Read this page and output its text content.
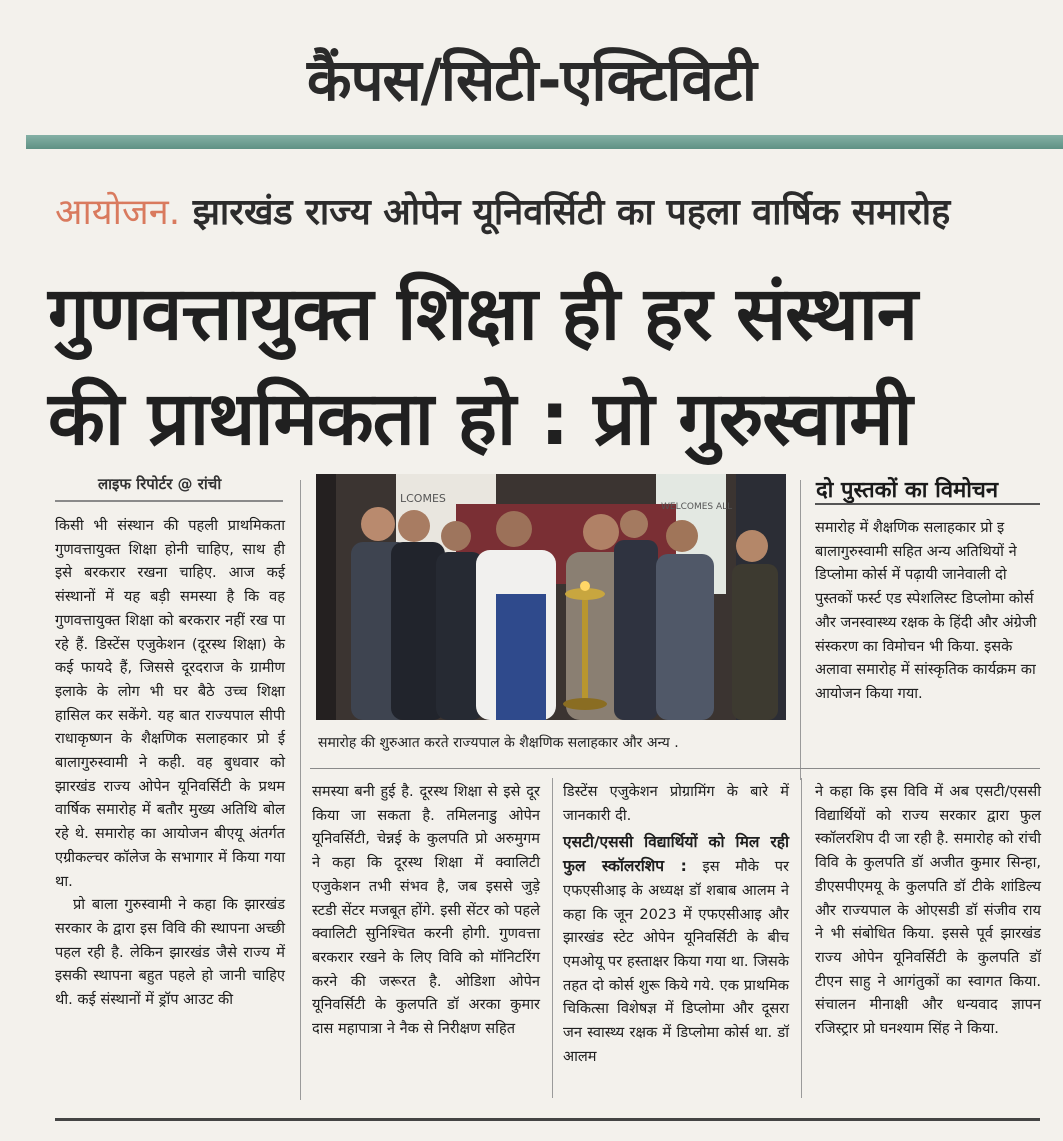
कैंपस/सिटी-एक्टिविटी
आयोजन. झारखंड राज्य ओपेन यूनिवर्सिटी का पहला वार्षिक समारोह
गुणवत्तायुक्त शिक्षा ही हर संस्थान
की प्राथमिकता हो : प्रो गुरुस्वामी
लाइफ रिपोर्टर @ रांची

किसी भी संस्थान की पहली प्राथमिकता गुणवत्तायुक्त शिक्षा होनी चाहिए, साथ ही इसे बरकरार रखना चाहिए. आज कई संस्थानों में यह बड़ी समस्या है कि वह गुणवत्तायुक्त शिक्षा को बरकरार नहीं रख पा रहे हैं. डिस्टेंस एजुकेशन (दूरस्थ शिक्षा) के कई फायदे हैं, जिससे दूरदराज के ग्रामीण इलाके के लोग भी घर बैठे उच्च शिक्षा हासिल कर सकेंगे. यह बात राज्यपाल सीपी राधाकृष्णन के शैक्षणिक सलाहकार प्रो ई बालागुरुस्वामी ने कही. वह बुधवार को झारखंड राज्य ओपेन यूनिवर्सिटी के प्रथम वार्षिक समारोह में बतौर मुख्य अतिथि बोल रहे थे. समारोह का आयोजन बीएयू अंतर्गत एग्रीकल्चर कॉलेज के सभागार में किया गया था.

प्रो बाला गुरुस्वामी ने कहा कि झारखंड सरकार के द्वारा इस विवि की स्थापना अच्छी पहल रही है. लेकिन झारखंड जैसे राज्य में इसकी स्थापना बहुत पहले हो जानी चाहिए थी. कई संस्थानों में ड्रॉप आउट की

LCOMES
WELCOMES ALL
समारोह की शुरुआत करते राज्यपाल के शैक्षणिक सलाहकार और अन्य .
दो पुस्तकों का विमोचन

समारोह में शैक्षणिक सलाहकार प्रो इ बालागुरुस्वामी सहित अन्य अतिथियों ने डिप्लोमा कोर्स में पढ़ायी जानेवाली दो पुस्तकों फर्स्ट एड स्पेशलिस्ट डिप्लोमा कोर्स और जनस्वास्थ्य रक्षक के हिंदी और अंग्रेजी संस्करण का विमोचन भी किया. इसके अलावा समारोह में सांस्कृतिक कार्यक्रम का आयोजन किया गया.

समस्या बनी हुई है. दूरस्थ शिक्षा से इसे दूर किया जा सकता है. तमिलनाडु ओपेन यूनिवर्सिटी, चेन्नई के कुलपति प्रो अरुमुगम ने कहा कि दूरस्थ शिक्षा में क्वालिटी एजुकेशन तभी संभव है, जब इससे जुड़े स्टडी सेंटर मजबूत होंगे. इसी सेंटर को पहले क्वालिटी सुनिश्चित करनी होगी. गुणवत्ता बरकरार रखने के लिए विवि को मॉनिटरिंग करने की जरूरत है. ओडिशा ओपेन यूनिवर्सिटी के कुलपति डॉ अरका कुमार दास महापात्रा ने नैक से निरीक्षण सहित

डिस्टेंस एजुकेशन प्रोग्रामिंग के बारे में जानकारी दी.

एसटी/एससी विद्यार्थियों को मिल रही फुल स्कॉलरशिप : इस मौके पर एफएसीआइ के अध्यक्ष डॉ शबाब आलम ने कहा कि जून 2023 में एफएसीआइ और झारखंड स्टेट ओपेन यूनिवर्सिटी के बीच एमओयू पर हस्ताक्षर किया गया था. जिसके तहत दो कोर्स शुरू किये गये. एक प्राथमिक चिकित्सा विशेषज्ञ में डिप्लोमा और दूसरा जन स्वास्थ्य रक्षक में डिप्लोमा कोर्स था. डॉ आलम

ने कहा कि इस विवि में अब एसटी/एससी विद्यार्थियों को राज्य सरकार द्वारा फुल स्कॉलरशिप दी जा रही है. समारोह को रांची विवि के कुलपति डॉ अजीत कुमार सिन्हा, डीएसपीएमयू के कुलपति डॉ टीके शांडिल्य और राज्यपाल के ओएसडी डॉ संजीव राय ने भी संबोधित किया. इससे पूर्व झारखंड राज्य ओपेन यूनिवर्सिटी के कुलपति डॉ टीएन साहु ने आगंतुकों का स्वागत किया. संचालन मीनाक्षी और धन्यवाद ज्ञापन रजिस्ट्रार प्रो घनश्याम सिंह ने किया.
